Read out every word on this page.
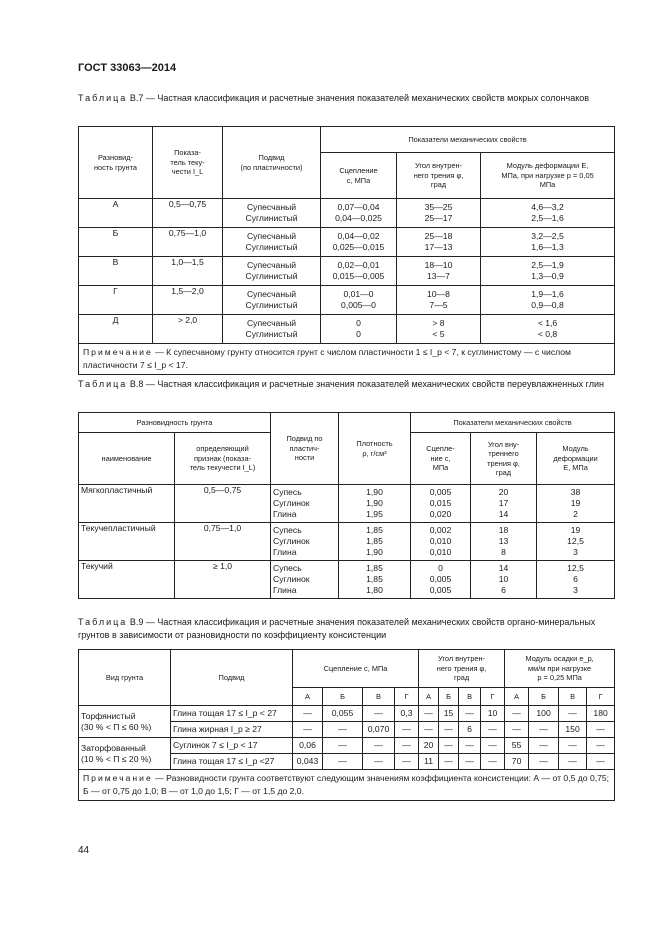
ГОСТ 33063—2014
Таблица В.7 — Частная классификация и расчетные значения показателей механических свойств мокрых солончаков
Разновид-
ность грунта	Показа-
тель теку-
чести I_L	Подвид
(по пластичности)	Показатели механических свойств		
			Сцепление
c, МПа	Угол внутрен-
него трения φ,
град	Модуль деформации E,
МПа, при нагрузке p = 0,05
МПа
А	0,5—0,75	Супесчаный
Суглинистый	0,07—0,04
0,04—0,025	35—25
25—17	4,6—3,2
2,5—1,6
Б	0,75—1,0	Супесчаный
Суглинистый	0,04—0,02
0,025—0,015	25—18
17—13	3,2—2,5
1,6—1,3
В	1,0—1,5	Супесчаный
Суглинистый	0,02—0,01
0,015—0,005	18—10
13—7	2,5—1,9
1,3—0,9
Г	1,5—2,0	Супесчаный
Суглинистый	0,01—0
0,005—0	10—8
7—5	1,9—1,6
0,9—0,8
Д	> 2,0	Супесчаный
Суглинистый	0
0	> 8
< 5	< 1,6
< 0,8
Примечание — К супесчаному грунту относится грунт с числом пластичности 1 ≤ I_p < 7, к суглинистому — с числом пластичности 7 ≤ I_p < 17.					
Таблица В.8 — Частная классификация и расчетные значения показателей механических свойств переувлажненных глин
Разновидность грунта		Подвид по
пластич-
ности	Плотность
ρ, г/см³	Показатели механических свойств		
наименование	определяющий
признак (показа-
тель текучести I_L)			Сцепле-
ние c,
МПа	Угол вну-
треннего
трения φ,
град	Модуль
деформации
E, МПа
Мягкопластичный	0,5—0,75	Супесь
Суглинок
Глина	1,90
1,90
1,95	0,005
0,015
0,020	20
17
14	38
19
2
Текучепластичный	0,75—1,0	Супесь
Суглинок
Глина	1,85
1,85
1,90	0,002
0,010
0,010	18
13
8	19
12,5
3
Текучий	≥ 1,0	Супесь
Суглинок
Глина	1,85
1,85
1,80	0
0,005
0,005	14
10
6	12,5
6
3
Таблица В.9 — Частная классификация и расчетные значения показателей механических свойств органо-минеральных грунтов в зависимости от разновидности по коэффициенту консистенции
Вид грунта	Подвид	Сцепление c, МПа				Угол внутрен-
него трения φ,
град				Модуль осадки e_p,
мм/м при нагрузке
p = 0,25 МПа			
		А	Б	В	Г	А	Б	В	Г	А	Б	В	Г
Торфянистый
(30 % < П ≤ 60 %)	Глина тощая 17 ≤ I_p < 27	—	0,055	—	0,3	—	15	—	10	—	100	—	180
	Глина жирная I_p ≥ 27	—	—	0,070	—	—	—	6	—	—	—	150	—
Заторфованный
(10 % < П ≤ 20 %)	Суглинок 7 ≤ I_p < 17	0,06	—	—	—	20	—	—	—	55	—	—	—
	Глина тощая 17 ≤ I_p <27	0,043	—	—	—	11	—	—	—	70	—	—	—
Примечание — Разновидности грунта соответствуют следующим значениям коэффициента консистенции: А — от 0,5 до 0,75; Б — от 0,75 до 1,0; В — от 1,0 до 1,5; Г — от 1,5 до 2,0.													
44
